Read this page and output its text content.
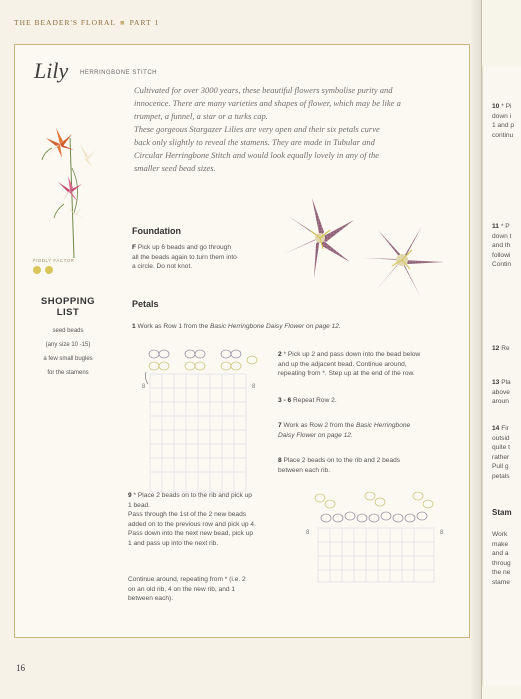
THE BEADER'S FLORAL ■ PART 1
Lily HERRINGBONE STITCH

Cultivated for over 3000 years, these beautiful flowers symbolise purity and

innocence. There are many varieties and shapes of flower, which may be like a

trumpet, a funnel, a star or a turks cap.

These gorgeous Stargazer Lilies are very open and their six petals curve

back only slightly to reveal the stamens. They are made in Tubular and

Circular Herringbone Stitch and would look equally lovely in any of the

smaller seed bead sizes.

FIDDLY FACTOR
SHOPPING
LIST
seed beads
(any size 10 -15)
a few small bugles
for the stamens
Foundation
F Pick up 6 beads and go through
all the beads again to turn them into
a circle. Do not knot.
Petals
1 Work as Row 1 from the Basic Herringbone Daisy Flower on page 12.
8	8
2 * Pick up 2 and pass down into the bead below
and up the adjacent bead. Continue around,
repeating from *. Step up at the end of the row.
3 - 6 Repeat Row 2.
7 Work as Row 2 from the Basic Herringbone
Daisy Flower on page 12.
8 Place 2 beads on to the rib and 2 beads
between each rib.
9 * Place 2 beads on to the rib and pick up
1 bead.
Pass through the 1st of the 2 new beads
added on to the previous row and pick up 4.
Pass down into the next new bead, pick up
1 and pass up into the next rib.
Continue around, repeating from * (i.e. 2
on an old rib, 4 on the new rib, and 1
between each).
8	8
16
10 * Pi
down i
1 and p
continu
11 * P
down t
and th
followi
Contin
12 Re
13 Pla
above
aroun
14 Fir
outsid
quite t
rather
Pull g
petals
Stam
Work
make
and a
throug
the ne
stame
